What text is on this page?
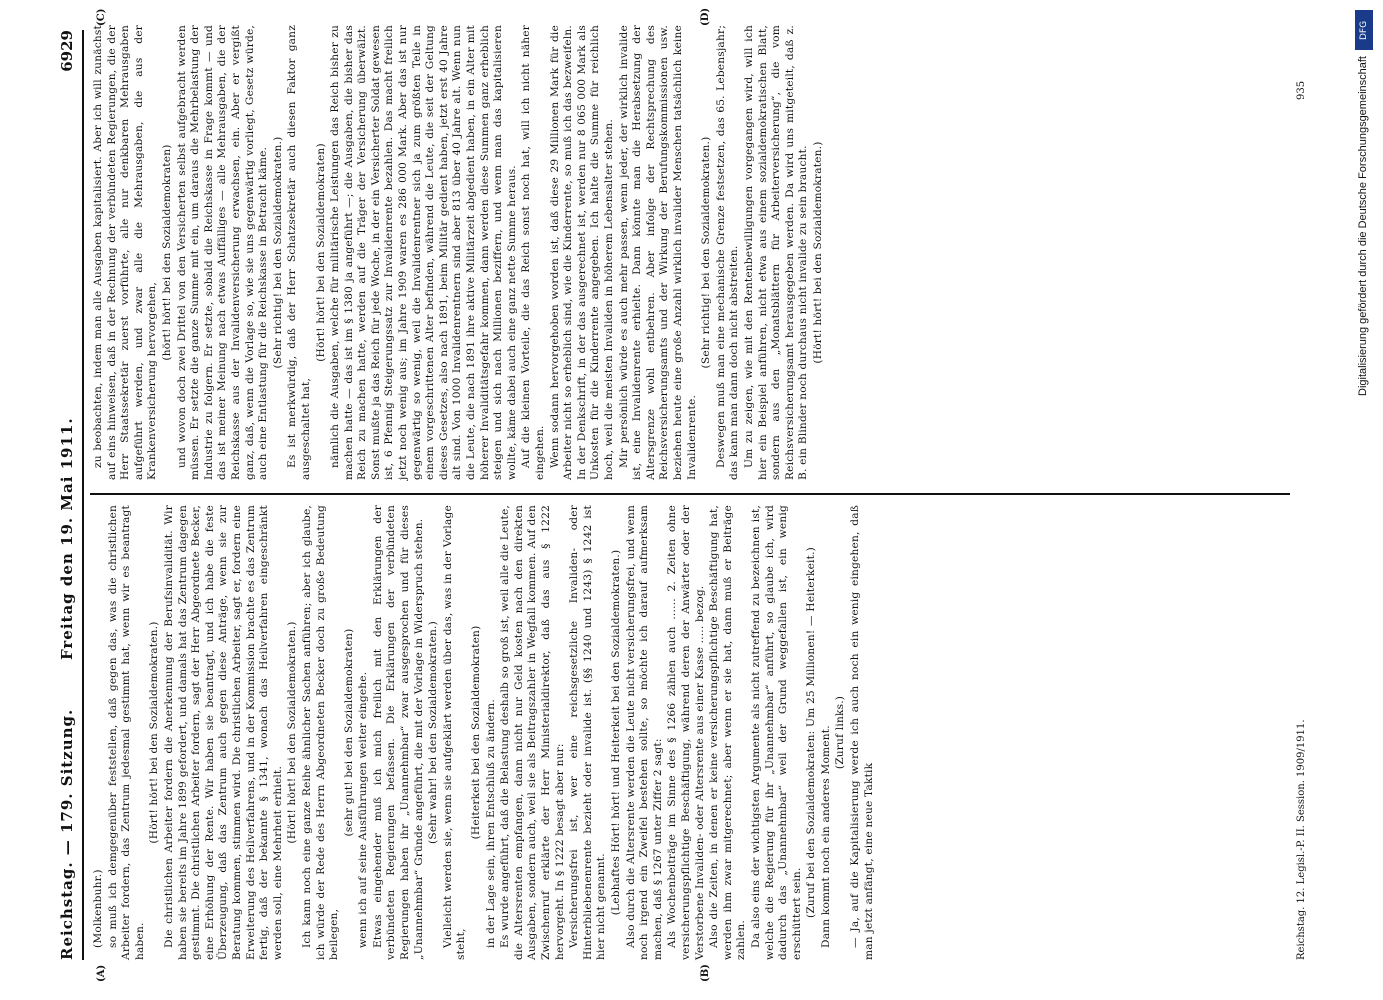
Reichstag. — 179. Sitzung.
Freitag den 19. Mai 1911.
6929
(A)	(B)
(C)	(D)

(Molkenbuhr.) so muß ich demgegenüber feststellen, daß gegen das, was die christlichen Arbeiter fordern, das Zentrum jedesmal gestimmt hat, wenn wir es beantragt haben.

(Hört! hört! bei den Sozialdemokraten.) Die christlichen Arbeiter fordern die Anerkennung der Berufsinvalidität. Wir haben sie bereits im Jahre 1899 gefordert, und damals hat das Zentrum dagegen gestimmt. Die christlichen Arbeiter fordern, sagt der Herr Abgeordnete Becker, eine Erhöhung der Rente. Wir haben sie beantragt, und ich habe die feste Überzeugung, daß das Zentrum auch gegen diese Anträge, wenn sie zur Beratung kommen, stimmen wird. Die christlichen Arbeiter, sagt er, fordern eine Erweiterung des Heilverfahrens, und in der Kommission brachte es das Zentrum fertig, daß der bekannte § 1341, wonach das Heilverfahren eingeschränkt werden soll, eine Mehrheit erhielt.

(Hört! hört! bei den Sozialdemokraten.) Ich kann noch eine ganze Reihe ähnlicher Sachen anführen; aber ich glaube, ich würde der Rede des Herrn Abgeordneten Becker doch zu große Bedeutung beilegen,

(sehr gut! bei den Sozialdemokraten) wenn ich auf seine Ausführungen weiter eingehe. Etwas eingehender muß ich mich freilich mit den Erklärungen der verbündeten Regierungen befassen. Die Erklärungen der verbündeten Regierungen haben ihr „Unannehmbar“ zwar ausgesprochen und für dieses „Unannehmbar“ Gründe angeführt, die mit der Vorlage in Widerspruch stehen. (Sehr wahr! bei den Sozialdemokraten.) Vielleicht werden sie, wenn sie aufgeklärt werden über das, was in der Vorlage steht,

(Heiterkeit bei den Sozialdemokraten) in der Lage sein, ihren Entschluß zu ändern. Es wurde angeführt, daß die Belastung deshalb so groß ist, weil alle die Leute, die Altersrenten empfangen, dann nicht nur Geld kosten nach den direkten Ausgaben, sondern auch, weil sie als Beitragszahler in Wegfall kommen. Auf den Zwischenruf erklärte der Herr Ministerialdirektor, daß das aus § 1222 hervorgeht. In § 1222 besagt aber nur: Versicherungsfrei ist, wer eine reichsgesetzliche Invaliden- oder Hinterbliebenenrente bezieht oder invalide ist. (§§ 1240 und 1243) § 1242 ist hier nicht genannt. (Lebhaftes Hört! hört! und Heiterkeit bei den Sozialdemokraten.) Also durch die Altersrente werden die Leute nicht versicherungsfrei, und wenn noch irgend ein Zweifel bestehen sollte, so möchte ich darauf aufmerksam machen, daß § 1267 unter Ziffer 2 sagt: Als Wochenbeiträge im Sinne des § 1266 zählen auch ...... 2. Zeiten ohne versicherungspflichtige Beschäftigung, während deren der Anwärter oder der Verstorbene Invaliden- oder Altersrente aus einer Kasse ..... bezog. Also die Zeiten, in denen er keine versicherungspflichtige Beschäftigung hat, werden ihm zwar mitgerechnet; aber wenn er sie hat, dann muß er Beiträge zahlen. Da also eins der wichtigsten Argumente als nicht zutreffend zu bezeichnen ist, welche die Regierung für ihr „Unannehmbar“ anführt, so glaube ich, wird dadurch das „Unannehmbar“ weil der Grund weggefallen ist, ein wenig erschüttert sein. (Zuruf bei den Sozialdemokraten: Um 25 Millionen! — Heiterkeit.) Dann kommt noch ein anderes Moment. (Zuruf links.) — Ja, auf die Kapitalisierung werde ich auch noch ein wenig eingehen, daß man jetzt anfängt, eine neue Taktik

zu beobachten, indem man alle Ausgaben kapitalisiert. Aber ich will zunächst auf eins hinweisen, daß in der Rechnung der verbündeten Regierungen, die der Herr Staatssekretär zuerst vorführte, alle nur denkbaren Mehrausgaben aufgeführt werden, und zwar alle die Mehrausgaben, die aus der Krankenversicherung hervorgehen,

(hört! hört! bei den Sozialdemokraten) und wovon doch zwei Drittel von den Versicherten selbst aufgebracht werden müssen. Er setzte die ganze Summe mit ein, um daraus die Mehrbelastung der Industrie zu folgern. Er setzte, sobald die Reichskasse in Frage kommt — und das ist meiner Meinung nach etwas Auffälliges — alle Mehrausgaben, die der Reichskasse aus der Invalidenversicherung erwachsen, ein. Aber er vergißt ganz, daß, wenn die Vorlage so, wie sie uns gegenwärtig vorliegt, Gesetz würde, auch eine Entlastung für die Reichskasse in Betracht käme. (Sehr richtig! bei den Sozialdemokraten.) Es ist merkwürdig, daß der Herr Schatzsekretär auch diesen Faktor ganz ausgeschaltet hat,

(Hört! hört! bei den Sozialdemokraten) nämlich die Ausgaben, welche für militärische Leistungen das Reich bisher zu machen hatte — das ist im § 1380 ja angeführt —; die Ausgaben, die bisher das Reich zu machen hatte, werden auf die Träger der Versicherung überwälzt. Sonst mußte ja das Reich für jede Woche, in der ein Versicherter Soldat gewesen ist, 6 Pfennig Steigerungssatz zur Invalidenrente bezahlen. Das macht freilich jetzt noch wenig aus; im Jahre 1909 waren es 286 000 Mark. Aber das ist nur gegenwärtig so wenig, weil die Invalidenrentner sich ja zum größten Teile in einem vorgeschrittenen Alter befinden, während die Leute, die seit der Geltung dieses Gesetzes, also nach 1891, beim Militär gedient haben, jetzt erst 40 Jahre alt sind. Von 1000 Invalidenrentnern sind aber 813 über 40 Jahre alt. Wenn nun die Leute, die nach 1891 ihre aktive Militärzeit abgedient haben, in ein Alter mit höherer Invaliditätsgefahr kommen, dann werden diese Summen ganz erheblich steigen und sich nach Millionen beziffern, und wenn man das kapitalisieren wollte, käme dabei auch eine ganz nette Summe heraus. Auf die kleinen Vorteile, die das Reich sonst noch hat, will ich nicht näher eingehen. Wenn sodann hervorgehoben worden ist, daß diese 29 Millionen Mark für die Arbeiter nicht so erheblich sind, wie die Kinderrente, so muß ich das bezweifeln. In der Denkschrift, in der das ausgerechnet ist, werden nur 8 065 000 Mark als Unkosten für die Kinderrente angegeben. Ich halte die Summe für reichlich hoch, weil die meisten Invaliden in höherem Lebensalter stehen. Mir persönlich würde es auch mehr passen, wenn jeder, der wirklich invalide ist, eine Invalidenrente erhielte. Dann könnte man die Herabsetzung der Altersgrenze wohl entbehren. Aber infolge der Rechtsprechung des Reichsversicherungsamts und der Wirkung der Berufungskommissionen usw. beziehen heute eine große Anzahl wirklich invalider Menschen tatsächlich keine Invalidenrente.

(Sehr richtig! bei den Sozialdemokraten.) Deswegen muß man eine mechanische Grenze festsetzen, das 65. Lebensjahr; das kann man dann doch nicht abstreiten. Um zu zeigen, wie mit den Rentenbewilligungen vorgegangen wird, will ich hier ein Beispiel anführen, nicht etwa aus einem sozialdemokratischen Blatt, sondern aus den „Monatsblättern für Arbeiterversicherung“, die vom Reichsversicherungsamt herausgegeben werden. Da wird uns mitgeteilt, daß z. B. ein Blinder noch durchaus nicht invalide zu sein braucht. (Hört! hört! bei den Sozialdemokraten.)

Reichstag. 12. Legisl.-P. II. Session. 1909/1911.
935
DFG
Digitalisierung gefördert durch die Deutsche Forschungsgemeinschaft
